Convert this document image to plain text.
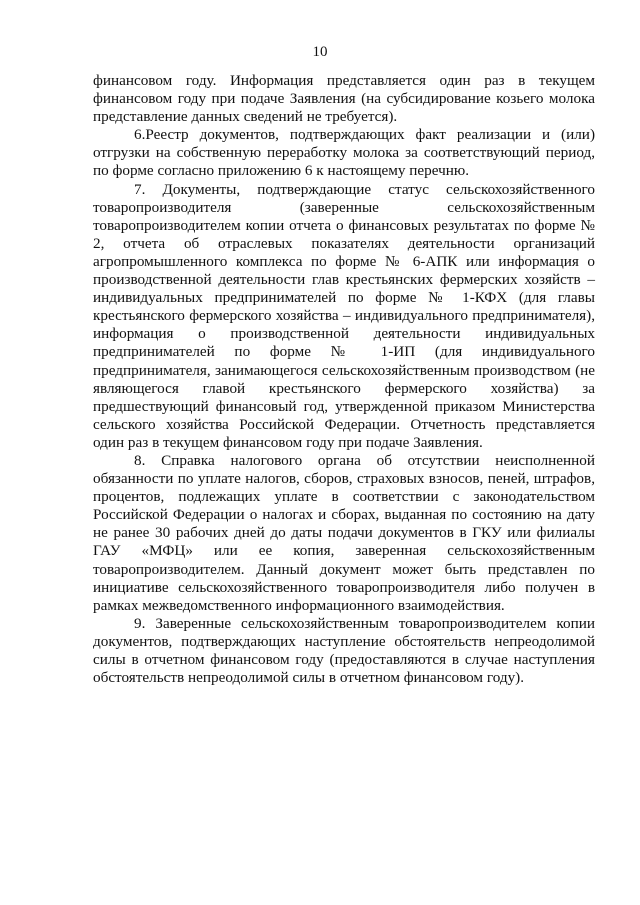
10

финансовом году. Информация представляется один раз в текущем финансовом году при подаче Заявления (на субсидирование козьего молока представление данных сведений не требуется).

6.Реестр документов, подтверждающих факт реализации и (или) отгрузки на собственную переработку молока за соответствующий период, по форме согласно приложению 6 к настоящему перечню.

7. Документы, подтверждающие статус сельскохозяйственного товаропроизводителя (заверенные сельскохозяйственным товаропроизводителем копии отчета о финансовых результатах по форме № 2, отчета об отраслевых показателях деятельности организаций агропромышленного комплекса по форме № 6-АПК или информация о производственной деятельности глав крестьянских фермерских хозяйств – индивидуальных предпринимателей по форме № 1-КФХ (для главы крестьянского фермерского хозяйства – индивидуального предпринимателя), информация о производственной деятельности индивидуальных предпринимателей по форме № 1-ИП (для индивидуального предпринимателя, занимающегося сельскохозяйственным производством (не являющегося главой крестьянского фермерского хозяйства) за предшествующий финансовый год, утвержденной приказом Министерства сельского хозяйства Российской Федерации. Отчетность представляется один раз в текущем финансовом году при подаче Заявления.

8. Справка налогового органа об отсутствии неисполненной обязанности по уплате налогов, сборов, страховых взносов, пеней, штрафов, процентов, подлежащих уплате в соответствии с законодательством Российской Федерации о налогах и сборах, выданная по состоянию на дату не ранее 30 рабочих дней до даты подачи документов в ГКУ или филиалы ГАУ «МФЦ» или ее копия, заверенная сельскохозяйственным товаропроизводителем. Данный документ может быть представлен по инициативе сельскохозяйственного товаропроизводителя либо получен в рамках межведомственного информационного взаимодействия.

9. Заверенные сельскохозяйственным товаропроизводителем копии документов, подтверждающих наступление обстоятельств непреодолимой силы в отчетном финансовом году (предоставляются в случае наступления обстоятельств непреодолимой силы в отчетном финансовом году).
